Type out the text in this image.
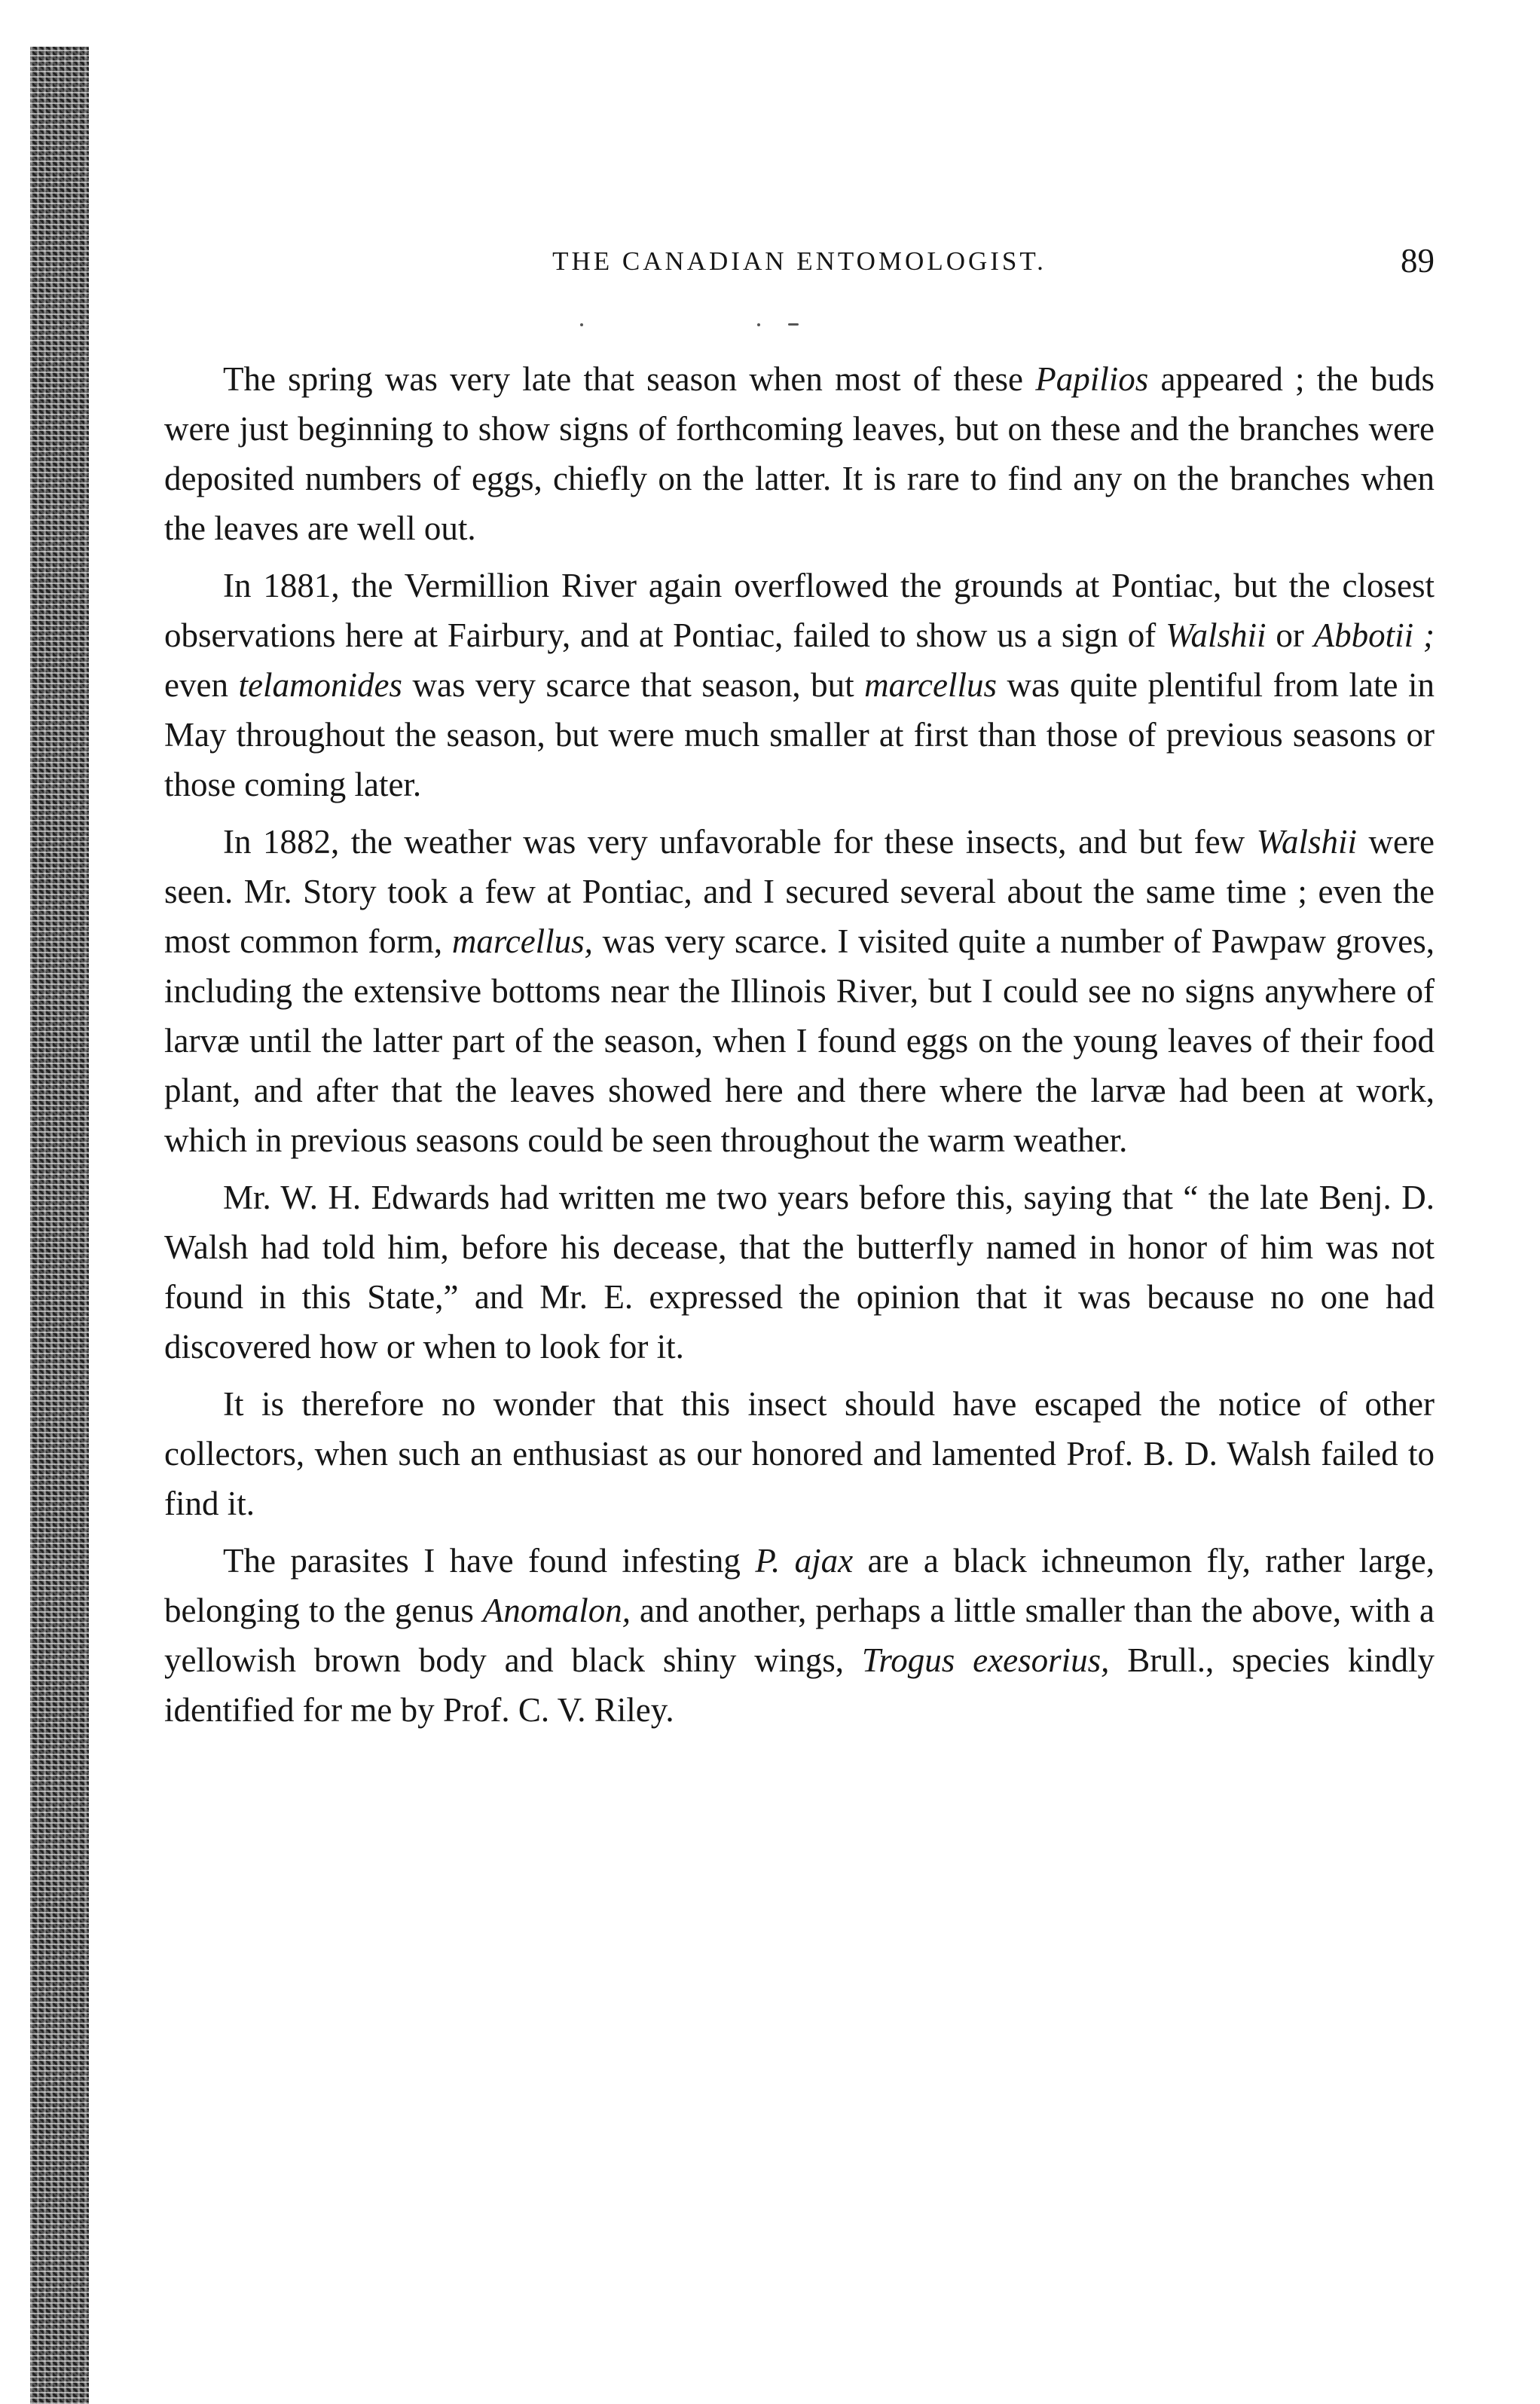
THE CANADIAN ENTOMOLOGIST.	89

The spring was very late that season when most of these Papilios appeared ; the buds were just beginning to show signs of forthcoming leaves, but on these and the branches were deposited numbers of eggs, chiefly on the latter. It is rare to find any on the branches when the leaves are well out.

In 1881, the Vermillion River again overflowed the grounds at Pontiac, but the closest observations here at Fairbury, and at Pontiac, failed to show us a sign of Walshii or Abbotii ; even telamonides was very scarce that season, but marcellus was quite plentiful from late in May throughout the season, but were much smaller at first than those of previous seasons or those coming later.

In 1882, the weather was very unfavorable for these insects, and but few Walshii were seen. Mr. Story took a few at Pontiac, and I secured several about the same time ; even the most common form, marcellus, was very scarce. I visited quite a number of Pawpaw groves, including the extensive bottoms near the Illinois River, but I could see no signs anywhere of larvæ until the latter part of the season, when I found eggs on the young leaves of their food plant, and after that the leaves showed here and there where the larvæ had been at work, which in previous seasons could be seen throughout the warm weather.

Mr. W. H. Edwards had written me two years before this, saying that “ the late Benj. D. Walsh had told him, before his decease, that the butterfly named in honor of him was not found in this State,” and Mr. E. expressed the opinion that it was because no one had discovered how or when to look for it.

It is therefore no wonder that this insect should have escaped the notice of other collectors, when such an enthusiast as our honored and lamented Prof. B. D. Walsh failed to find it.

The parasites I have found infesting P. ajax are a black ichneumon fly, rather large, belonging to the genus Anomalon, and another, perhaps a little smaller than the above, with a yellowish brown body and black shiny wings, Trogus exesorius, Brull., species kindly identified for me by Prof. C. V. Riley.
